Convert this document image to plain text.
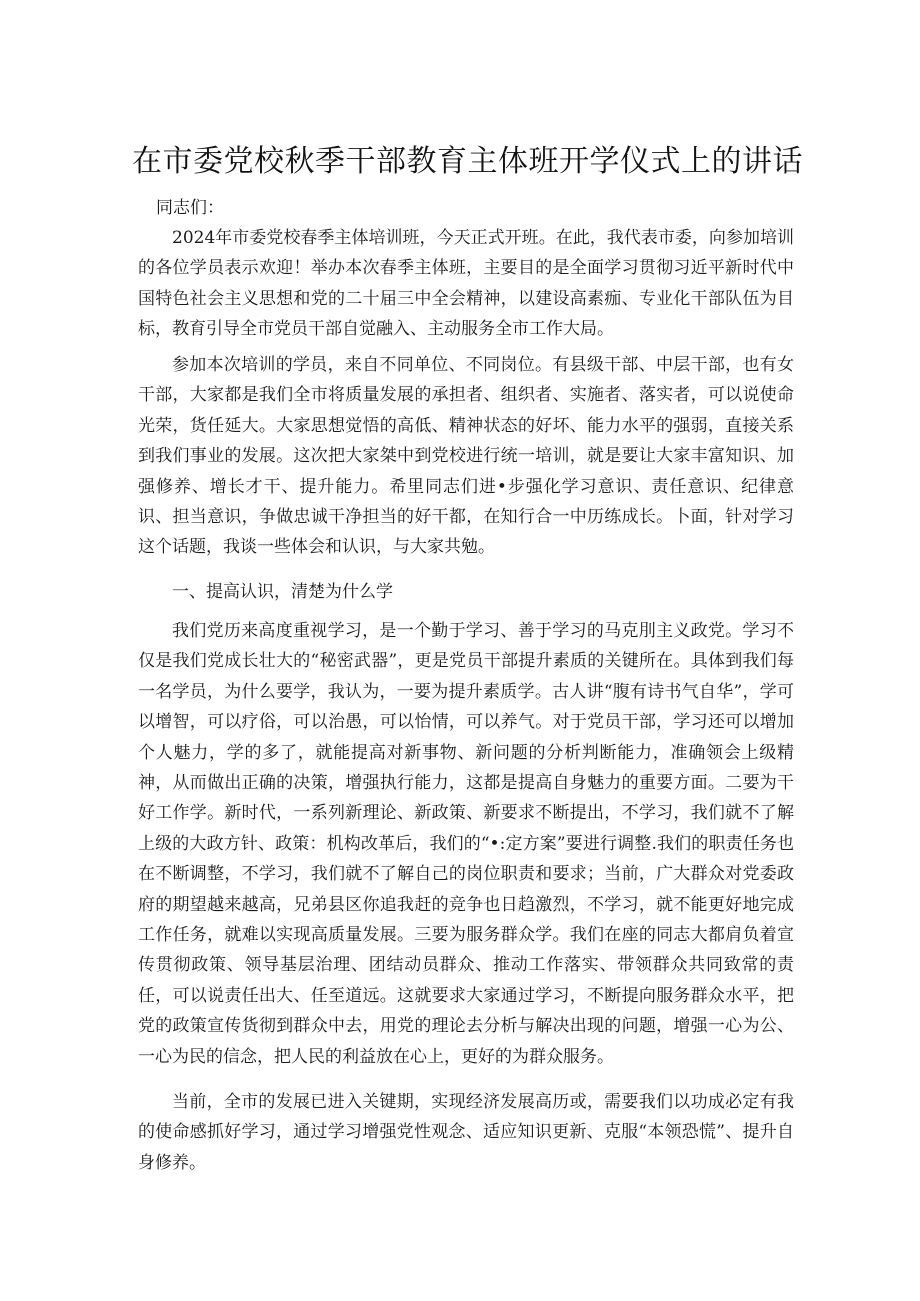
在市委党校秋季干部教育主体班开学仪式上的讲话

同志们：

2024年市委党校春季主体培训班，今天正式开班。在此，我代表市委，向参加培训的各位学员表示欢迎！举办本次春季主体班，主要目的是全面学习贯彻习近平新时代中国特色社会主义思想和党的二十届三中全会精神，以建设高素痂、专业化干部队伍为目标，教育引导全市党员干部自觉融入、主动服务全市工作大局。

参加本次培训的学员，来自不同单位、不同岗位。有县级干部、中层干部，也有女干部，大家都是我们全市将质量发展的承担者、组织者、实施者、落实者，可以说使命光荣，货任延大。大家思想觉悟的高低、精神状态的好坏、能力水平的强弱，直接关系到我们事业的发展。这次把大家桀中到党校进行统一培训，就是要让大家丰富知识、加强修养、增长才干、提升能力。希里同志们进•步强化学习意识、责任意识、纪律意识、担当意识，争做忠诚干净担当的好干都，在知行合一中历练成长。卜面，针对学习这个话题，我谈一些体会和认识，与大家共勉。

一、提高认识，清楚为什么学

我们党历来高度重视学习，是一个勤于学习、善于学习的马克刖主义政党。学习不仅是我们党成长壮大的“秘密武器”，更是党员干部提升素质的关键所在。具体到我们每一名学员，为什么要学，我认为，一要为提升素质学。古人讲“腹有诗书气自华”，学可以增智，可以疗俗，可以治愚，可以怡情，可以养气。对于党员干部，学习还可以增加个人魅力，学的多了，就能提高对新事物、新问题的分析判断能力，准确领会上级精神，从而做出正确的决策，增强执行能力，这都是提高自身魅力的重要方面。二要为干好工作学。新时代，一系列新理论、新政策、新要求不断提出，不学习，我们就不了解上级的大政方针、政策：机构改革后，我们的“•:定方案”要进行调整.我们的职责任务也在不断调整，不学习，我们就不了解自己的岗位职责和要求；当前，广大群众对党委政府的期望越来越高，兄弟县区你追我赶的竞争也日趋激烈，不学习，就不能更好地完成工作任务，就难以实现高质量发展。三要为服务群众学。我们在座的同志大都肩负着宣传贯彻政策、领导基层治理、团结动员群众、推动工作落实、带领群众共同致常的责任，可以说责任出大、任至道远。这就要求大家通过学习，不断提向服务群众水平，把党的政策宣传货彻到群众中去，用党的理论去分析与解决出现的问题，增强一心为公、一心为民的信念，把人民的利益放在心上，更好的为群众服务。

当前，全市的发展已进入关键期，实现经济发展高历或，需要我们以功成必定有我的使命感抓好学习，通过学习增强党性观念、适应知识更新、克服“本领恐慌”、提升自身修养。
